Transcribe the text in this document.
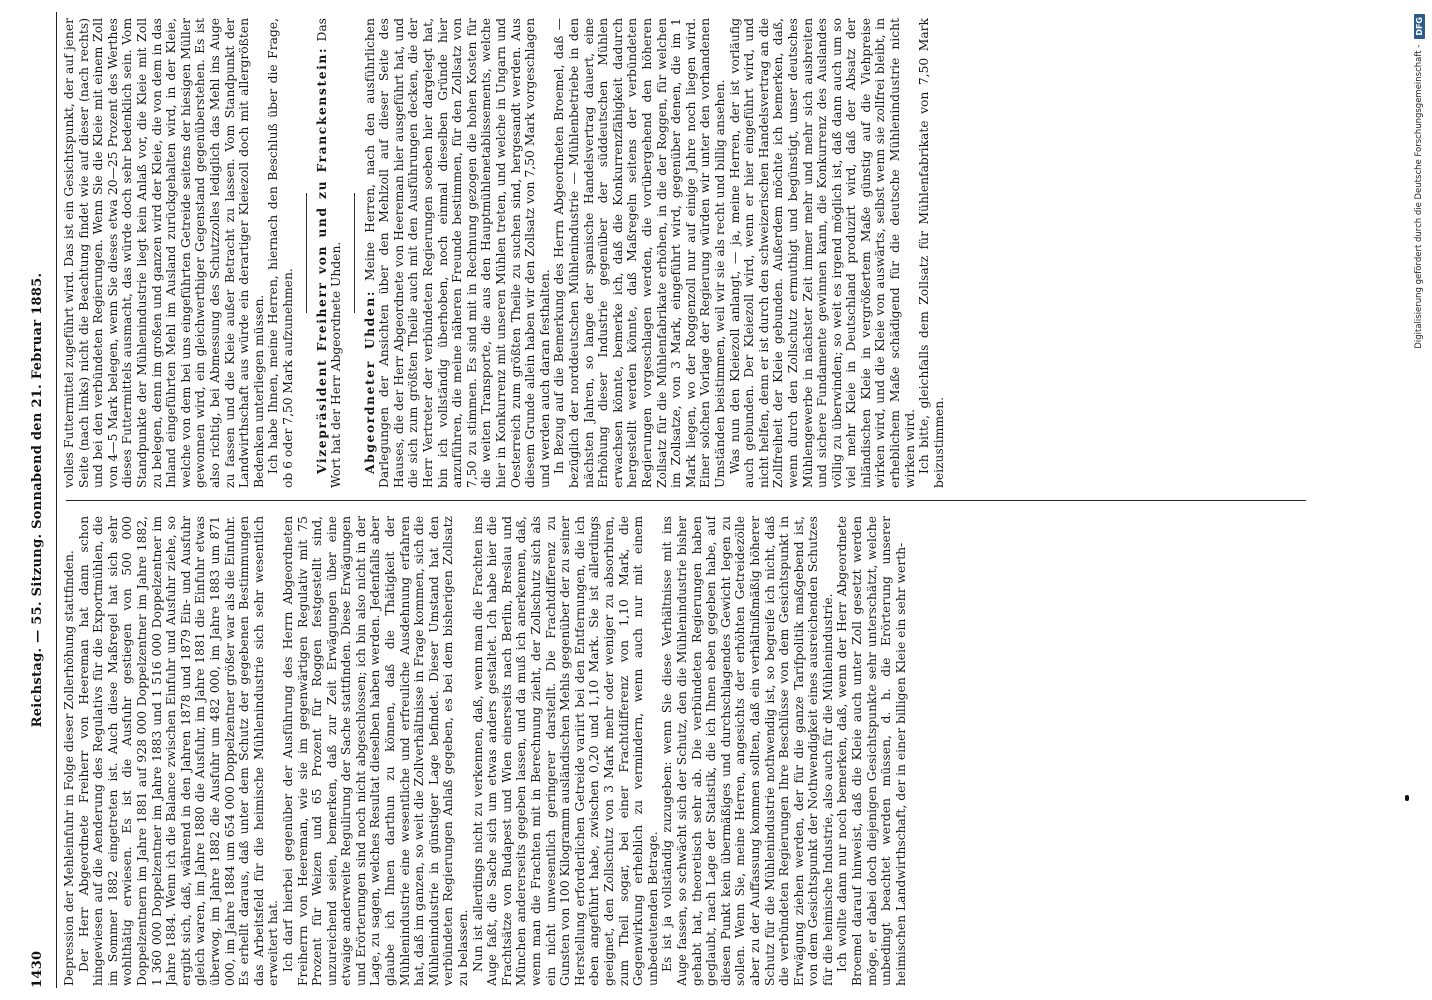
1430
Reichstag. — 55. Sitzung. Sonnabend den 21. Februar 1885.

Depression der Mehleinfuhr in Folge dieser Zollerhöhung stattfinden. Der Herr Abgeordnete Freiherr von Heereman hat dann schon hingewiesen auf die Aenderung des Regulativs für die Exportmühlen, die im Sommer 1882 eingetreten ist. Auch diese Maßregel hat sich sehr wohlthätig erwiesen. Es ist die Ausfuhr gestiegen von 500 000 Doppelzentnern im Jahre 1881 auf 928 000 Doppelzentner im Jahre 1882, 1 360 000 Doppelzentner im Jahre 1883 und 1 516 000 Doppelzentner im Jahre 1884. Wenn ich die Balance zwischen Einfuhr und Ausfuhr ziehe, so ergibt sich, daß, während in den Jahren 1878 und 1879 Ein- und Ausfuhr gleich waren, im Jahre 1880 die Ausfuhr, im Jahre 1881 die Einfuhr etwas überwog, im Jahre 1882 die Ausfuhr um 482 000, im Jahre 1883 um 871 000, im Jahre 1884 um 654 000 Doppelzentner größer war als die Einfuhr. Es erhellt daraus, daß unter dem Schutz der gegebenen Bestimmungen das Arbeitsfeld für die heimische Mühlenindustrie sich sehr wesentlich erweitert hat. Ich darf hierbei gegenüber der Ausführung des Herrn Abgeordneten Freiherrn von Heereman, wie sie im gegenwärtigen Regulativ mit 75 Prozent für Weizen und 65 Prozent für Roggen festgestellt sind, unzureichend seien, bemerken, daß zur Zeit Erwägungen über eine etwaige anderweite Regulirung der Sache stattfinden. Diese Erwägungen und Erörterungen sind noch nicht abgeschlossen; ich bin also nicht in der Lage, zu sagen, welches Resultat dieselben haben werden. Jedenfalls aber glaube ich Ihnen darthun zu können, daß die Thätigkeit der Mühlenindustrie eine wesentliche und erfreuliche Ausdehnung erfahren hat, daß im ganzen, so weit die Zollverhältnisse in Frage kommen, sich die Mühlenindustrie in günstiger Lage befindet. Dieser Umstand hat den verbündeten Regierungen Anlaß gegeben, es bei dem bisherigen Zollsatz zu belassen. Nun ist allerdings nicht zu verkennen, daß, wenn man die Frachten ins Auge faßt, die Sache sich um etwas anders gestaltet. Ich habe hier die Frachtsätze von Budapest und Wien einerseits nach Berlin, Breslau und München andererseits gegeben lassen, und da muß ich anerkennen, daß, wenn man die Frachten mit in Berechnung zieht, der Zollschutz sich als ein nicht unwesentlich geringerer darstellt. Die Frachtdifferenz zu Gunsten von 100 Kilogramm ausländischen Mehls gegenüber der zu seiner Herstellung erforderlichen Getreide variirt bei den Entfernungen, die ich eben angeführt habe, zwischen 0,20 und 1,10 Mark. Sie ist allerdings geeignet, den Zollschutz von 3 Mark mehr oder weniger zu absorbiren, zum Theil sogar, bei einer Frachtdifferenz von 1,10 Mark, die Gegenwirkung erheblich zu vermindern, wenn auch nur mit einem unbedeutenden Betrage. Es ist ja vollständig zuzugeben: wenn Sie diese Verhältnisse mit ins Auge fassen, so schwächt sich der Schutz, den die Mühlenindustrie bisher gehabt hat, theoretisch sehr ab. Die verbündeten Regierungen haben geglaubt, nach Lage der Statistik, die ich Ihnen eben gegeben habe, auf diesen Punkt kein übermäßiges und durchschlagendes Gewicht legen zu sollen. Wenn Sie, meine Herren, angesichts der erhöhten Getreidezölle aber zu der Auffassung kommen sollten, daß ein verhältnißmäßig höherer Schutz für die Mühlenindustrie nothwendig ist, so begreife ich nicht, daß die verbündeten Regierungen Ihre Beschlüsse von dem Gesichtspunkt in Erwägung ziehen werden, der für die ganze Tarifpolitik maßgebend ist, von dem Gesichtspunkt der Nothwendigkeit eines ausreichenden Schutzes für die heimische Industrie, also auch für die Mühlenindustrie. Ich wollte dann nur noch bemerken, daß, wenn der Herr Abgeordnete Broemel darauf hinweist, daß die Kleie auch unter Zoll gesetzt werden möge, er dabei doch diejenigen Gesichtspunkte sehr unterschätzt, welche unbedingt beachtet werden müssen, d. h. die Erörterung unserer heimischen Landwirthschaft, der in einer billigen Kleie ein sehr werth-

volles Futtermittel zugeführt wird. Das ist ein Gesichtspunkt, der auf jener Seite (nach links) nicht die Beachtung findet wie auf dieser (nach rechts) und bei den verbündeten Regierungen. Wenn Sie die Kleie mit einem Zoll von 4—5 Mark belegen, wenn Sie dieses etwa 20—25 Prozent des Werthes dieses Futtermittels ausmacht, das würde doch sehr bedenklich sein. Vom Standpunkte der Mühlenindustrie liegt kein Anlaß vor, die Kleie mit Zoll zu belegen, denn im großen und ganzen wird der Kleie, die von dem in das Inland eingeführten Mehl im Ausland zurückgehalten wird, in der Kleie, welche von dem bei uns eingeführten Getreide seitens der hiesigen Müller gewonnen wird, ein gleichwerthiger Gegenstand gegenüberstehen. Es ist also richtig, bei Abmessung des Schutzzolles lediglich das Mehl ins Auge zu fassen und die Kleie außer Betracht zu lassen. Vom Standpunkt der Landwirthschaft aus würde ein derartiger Kleiezoll doch mit allergrößten Bedenken unterliegen müssen. Ich habe Ihnen, meine Herren, hiernach den Beschluß über die Frage, ob 6 oder 7,50 Mark aufzunehmen. Vizepräsident Freiherr von und zu Franckenstein: Das Wort hat der Herr Abgeordnete Uhden. Abgeordneter Uhden: Meine Herren, nach den ausführlichen Darlegungen der Ansichten über den Mehlzoll auf dieser Seite des Hauses, die der Herr Abgeordnete von Heereman hier ausgeführt hat, und die sich zum größten Theile auch mit den Ausführungen decken, die der Herr Vertreter der verbündeten Regierungen soeben hier dargelegt hat, bin ich vollständig überhoben, noch einmal dieselben Gründe hier anzuführen, die meine näheren Freunde bestimmen, für den Zollsatz von 7,50 zu stimmen. Es sind mit in Rechnung gezogen die hohen Kosten für die weiten Transporte, die aus den Hauptmühlenetablissements, welche hier in Konkurrenz mit unseren Mühlen treten, und welche in Ungarn und Oesterreich zum größten Theile zu suchen sind, hergesandt werden. Aus diesem Grunde allein haben wir den Zollsatz von 7,50 Mark vorgeschlagen und werden auch daran festhalten. In Bezug auf die Bemerkung des Herrn Abgeordneten Broemel, daß — bezüglich der norddeutschen Mühlenindustrie — Mühlenbetriebe in den nächsten Jahren, so lange der spanische Handelsvertrag dauert, eine Erhöhung dieser Industrie gegenüber der süddeutschen Mühlen erwachsen könnte, bemerke ich, daß die Konkurrenzfähigkeit dadurch hergestellt werden könnte, daß Maßregeln seitens der verbündeten Regierungen vorgeschlagen werden, die vorübergehend den höheren Zollsatz für die Mühlenfabrikate erhöhen, in die der Roggen, für welchen im Zollsatze, von 3 Mark, eingeführt wird, gegenüber denen, die im 1 Mark liegen, wo der Roggenzoll nur auf einige Jahre noch liegen wird. Einer solchen Vorlage der Regierung würden wir unter den vorhandenen Umständen beistimmen, weil wir sie als recht und billig ansehen. Was nun den Kleiezoll anlangt, — ja, meine Herren, der ist vorläufig auch gebunden. Der Kleiezoll wird, wenn er hier eingeführt wird, und nicht helfen, denn er ist durch den schweizerischen Handelsvertrag an die Zollfreiheit der Kleie gebunden. Außerdem möchte ich bemerken, daß, wenn durch den Zollschutz ermuthigt und begünstigt, unser deutsches Mühlengewerbe in nächster Zeit immer mehr und mehr sich ausbreiten und sichere Fundamente gewinnen kann, die Konkurrenz des Auslandes völlig zu überwinden; so weit es irgend möglich ist, daß dann auch um so viel mehr Kleie in Deutschland produzirt wird, daß der Absatz der inländischen Kleie in vergrößertem Maße günstig auf die Viehpreise wirken wird, und die Kleie von auswärts, selbst wenn sie zollfrei bleibt, in erheblichem Maße schädigend für die deutsche Mühlenindustrie nicht wirken wird. Ich bitte, gleichfalls dem Zollsatz für Mühlenfabrikate von 7,50 Mark beizustimmen.

Digitalisierung gefördert durch die Deutsche Forschungsgemeinschaft -
DFG
